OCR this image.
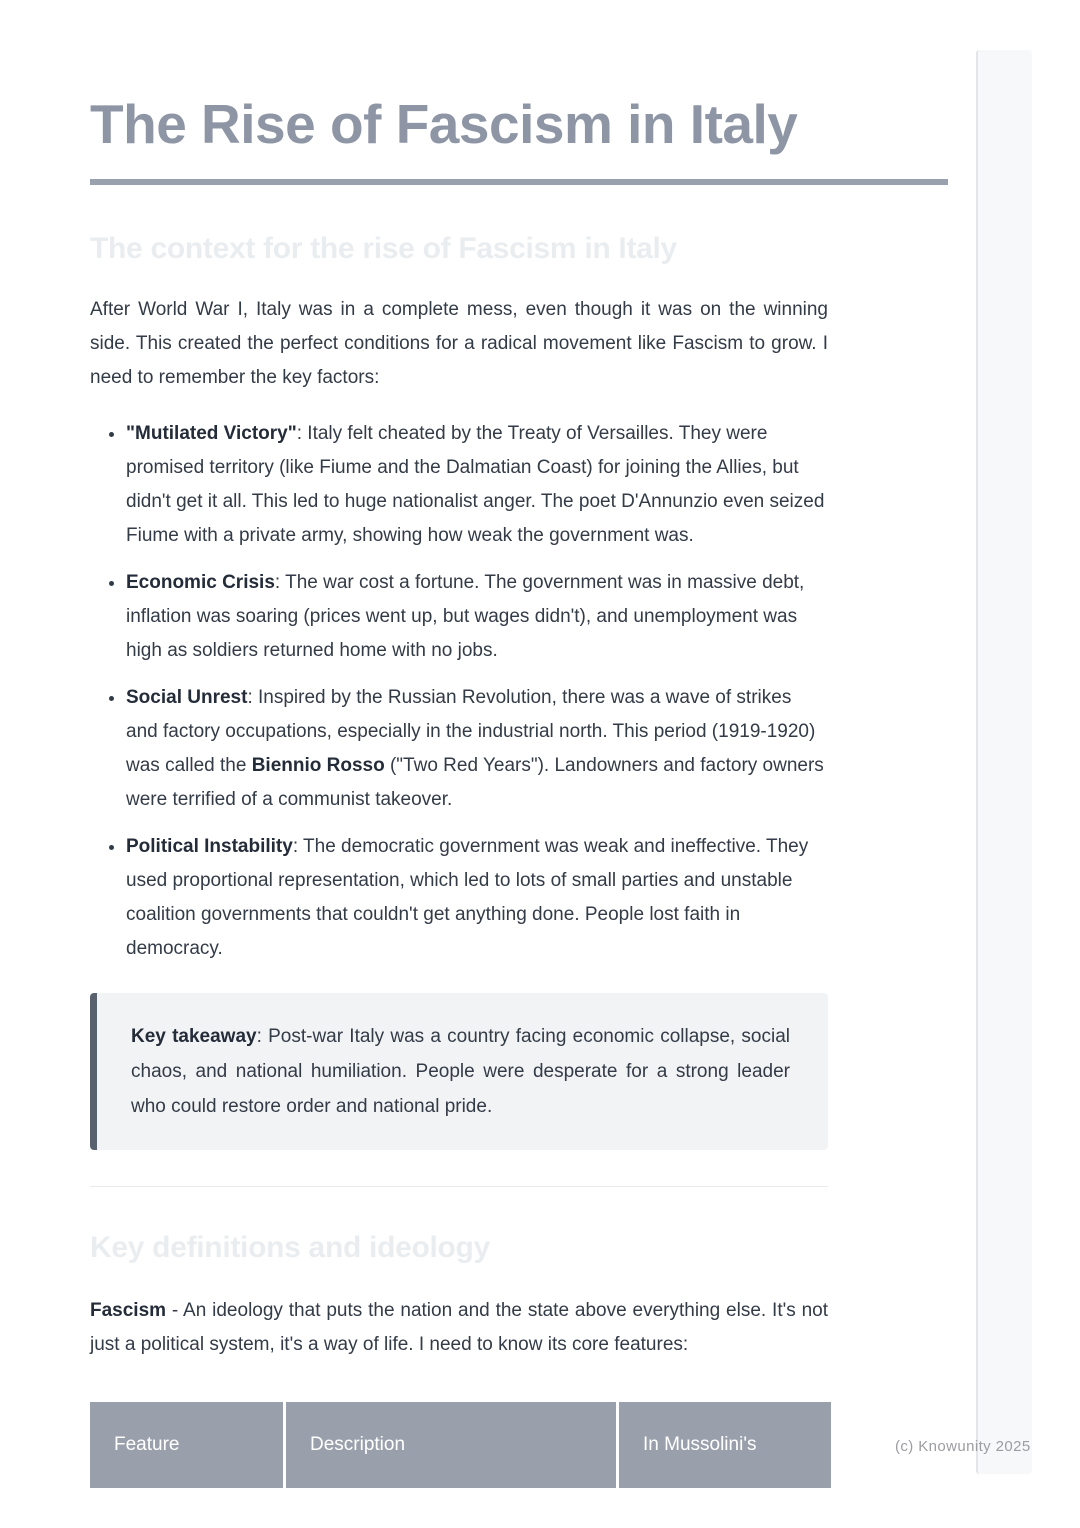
The Rise of Fascism in Italy
The context for the rise of Fascism in Italy

After World War I, Italy was in a complete mess, even though it was on the winning side. This created the perfect conditions for a radical movement like Fascism to grow. I need to remember the key factors:

• "Mutilated Victory": Italy felt cheated by the Treaty of Versailles. They were promised territory (like Fiume and the Dalmatian Coast) for joining the Allies, but didn't get it all. This led to huge nationalist anger. The poet D'Annunzio even seized Fiume with a private army, showing how weak the government was.
• Economic Crisis: The war cost a fortune. The government was in massive debt, inflation was soaring (prices went up, but wages didn't), and unemployment was high as soldiers returned home with no jobs.
• Social Unrest: Inspired by the Russian Revolution, there was a wave of strikes and factory occupations, especially in the industrial north. This period (1919-1920) was called the Biennio Rosso ("Two Red Years"). Landowners and factory owners were terrified of a communist takeover.
• Political Instability: The democratic government was weak and ineffective. They used proportional representation, which led to lots of small parties and unstable coalition governments that couldn't get anything done. People lost faith in democracy.
Key takeaway: Post-war Italy was a country facing economic collapse, social chaos, and national humiliation. People were desperate for a strong leader who could restore order and national pride.
Key definitions and ideology

Fascism - An ideology that puts the nation and the state above everything else. It's not just a political system, it's a way of life. I need to know its core features:

Feature	Description	In Mussolini's	(c) Knowunity 2025
